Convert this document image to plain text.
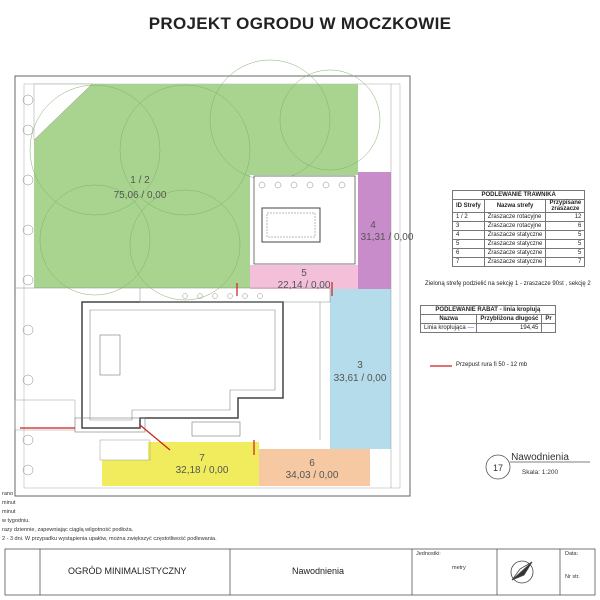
PROJEKT OGRODU W MOCZKOWIE
1 / 2
75,06 / 0,00
4
31,31 / 0,00
5
22,14 / 0,00
3
33,61 / 0,00
7
32,18 / 0,00
6
34,03 / 0,00
17
Nawodnienia
Skala: 1:200
PODLEWANIE TRAWNIKA		
ID Strefy	Nazwa strefy	Przypisane zraszacze
1 / 2	Zraszacze rotacyjne	12
3	Zraszacze rotacyjne	6
4	Zraszacze statyczne	5
5	Zraszacze statyczne	5
6	Zraszacze statyczne	5
7	Zraszacze statyczne	7
Zieloną strefę podzielić na sekcję 1 - zraszacze 90st , sekcję 2
PODLEWANIE RABAT - linia kroplują		
Nazwa	Przybliżona długość	Pr
Linia kroplująca ------	194,45	
Przepust rura fi 50 - 12 mb
rano
minut
minut
w tygodniu.
razy dziennie, zapewniając ciągłą wilgotność podłoża.
2 - 3 dni. W przypadku wystąpienia upałów, można zwiększyć częstotliwość podlewania.
OGRÓD MINIMALISTYCZNY	Nawodnienia
Jednostki:
metry
Data:
Nr str.
